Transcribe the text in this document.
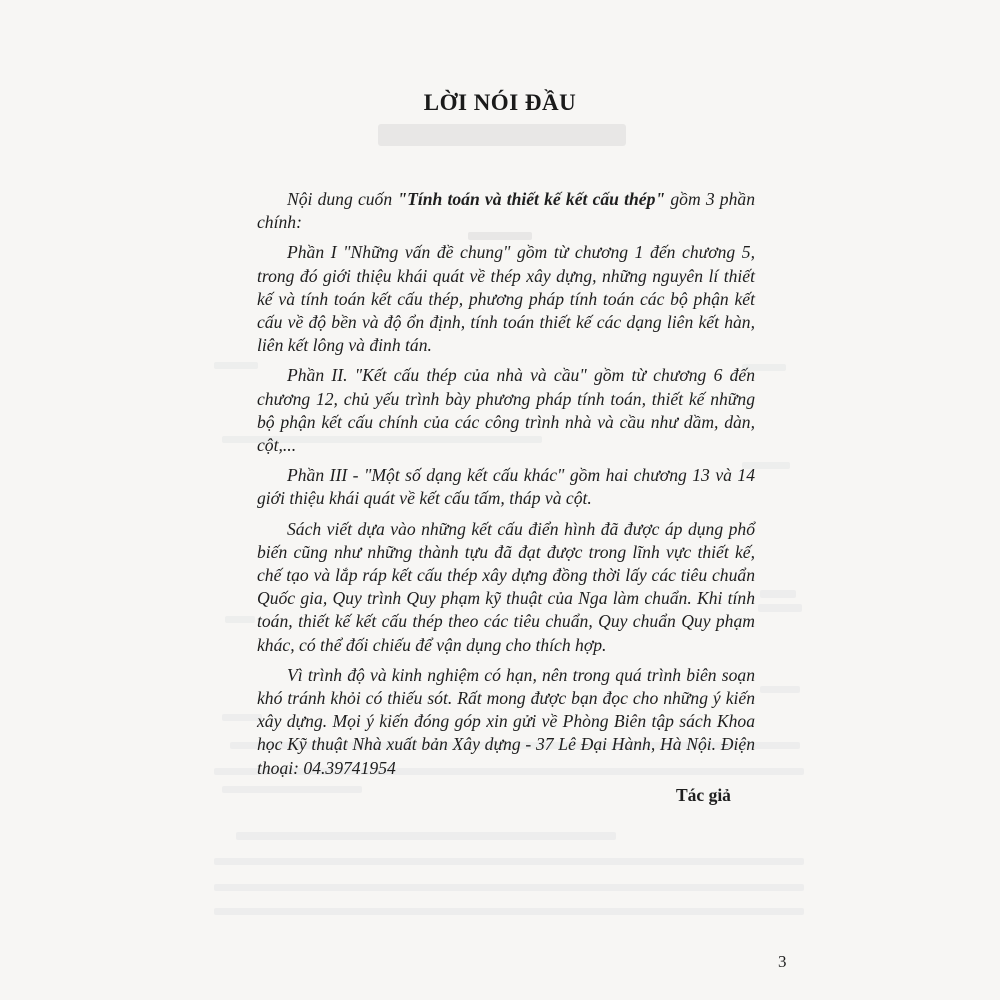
LỜI NÓI ĐẦU

Nội dung cuốn "Tính toán và thiết kế kết cấu thép" gồm 3 phần chính:

Phần I "Những vấn đề chung" gồm từ chương 1 đến chương 5, trong đó giới thiệu khái quát về thép xây dựng, những nguyên lí thiết kế và tính toán kết cấu thép, phương pháp tính toán các bộ phận kết cấu về độ bền và độ ổn định, tính toán thiết kế các dạng liên kết hàn, liên kết lông và đinh tán.

Phần II. "Kết cấu thép của nhà và cầu" gồm từ chương 6 đến chương 12, chủ yếu trình bày phương pháp tính toán, thiết kế những bộ phận kết cấu chính của các công trình nhà và cầu như dầm, dàn, cột,...

Phần III - "Một số dạng kết cấu khác" gồm hai chương 13 và 14 giới thiệu khái quát về kết cấu tấm, tháp và cột.

Sách viết dựa vào những kết cấu điển hình đã được áp dụng phổ biến cũng như những thành tựu đã đạt được trong lĩnh vực thiết kế, chế tạo và lắp ráp kết cấu thép xây dựng đồng thời lấy các tiêu chuẩn Quốc gia, Quy trình Quy phạm kỹ thuật của Nga làm chuẩn. Khi tính toán, thiết kế kết cấu thép theo các tiêu chuẩn, Quy chuẩn Quy phạm khác, có thể đối chiếu để vận dụng cho thích hợp.

Vì trình độ và kinh nghiệm có hạn, nên trong quá trình biên soạn khó tránh khỏi có thiếu sót. Rất mong được bạn đọc cho những ý kiến xây dựng. Mọi ý kiến đóng góp xin gửi về Phòng Biên tập sách Khoa học Kỹ thuật Nhà xuất bản Xây dựng - 37 Lê Đại Hành, Hà Nội. Điện thoại: 04.39741954

Tác giả
3
